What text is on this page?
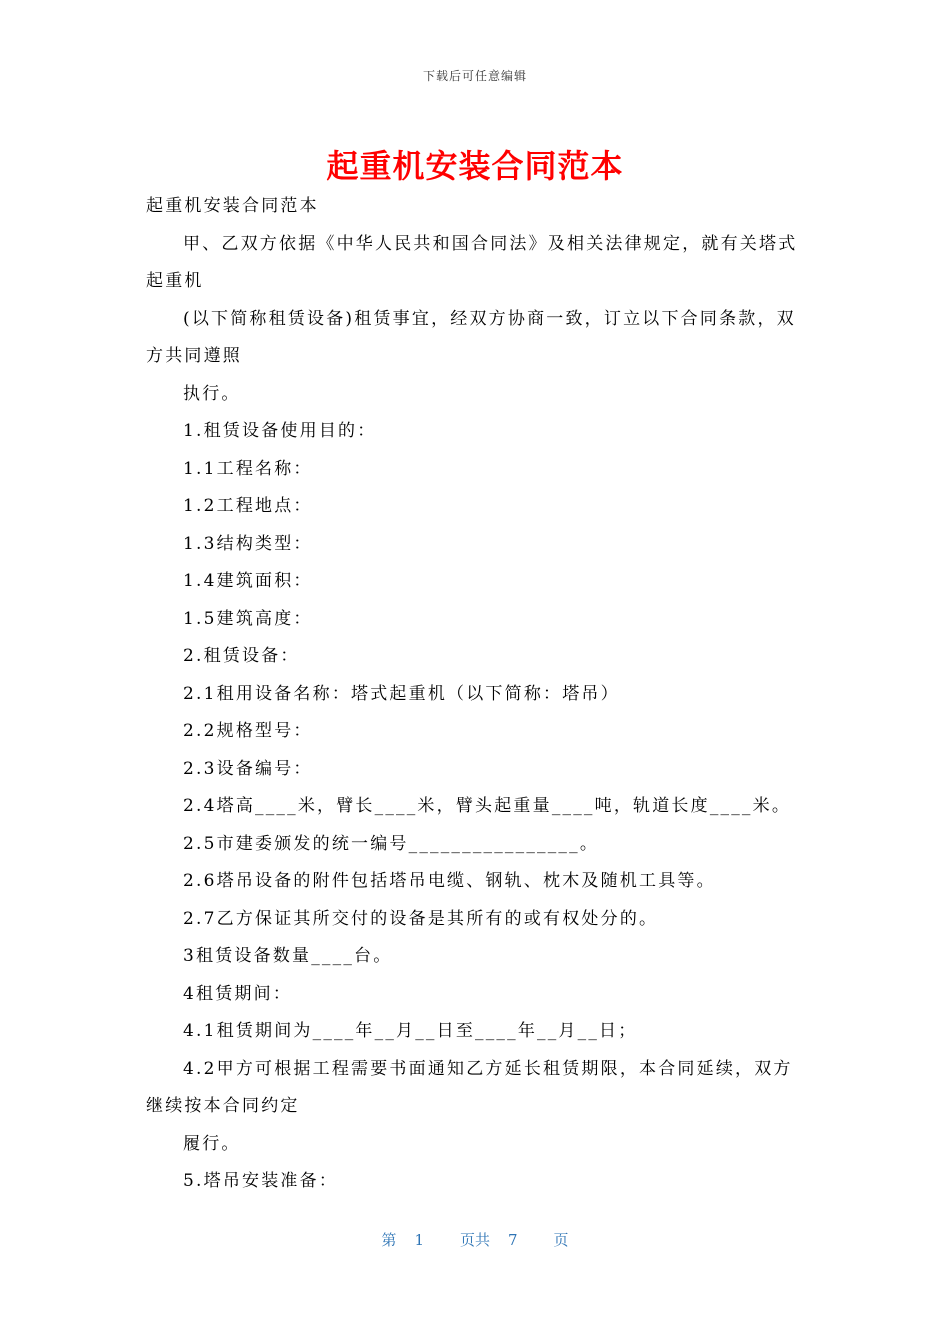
下载后可任意编辑
起重机安装合同范本
起重机安装合同范本
甲、乙双方依据《中华人民共和国合同法》及相关法律规定，就有关塔式
起重机
(以下简称租赁设备)租赁事宜，经双方协商一致，订立以下合同条款，双
方共同遵照
执行。
1.租赁设备使用目的：
1.1工程名称：
1.2工程地点：
1.3结构类型：
1.4建筑面积：
1.5建筑高度：
2.租赁设备：
2.1租用设备名称：塔式起重机（以下简称：塔吊）
2.2规格型号：
2.3设备编号：
2.4塔高____米，臂长____米，臂头起重量____吨，轨道长度____米。
2.5市建委颁发的统一编号________________。
2.6塔吊设备的附件包括塔吊电缆、钢轨、枕木及随机工具等。
2.7乙方保证其所交付的设备是其所有的或有权处分的。
3租赁设备数量____台。
4租赁期间：
4.1租赁期间为____年__月__日至____年__月__日；
4.2甲方可根据工程需要书面通知乙方延长租赁期限，本合同延续，双方
继续按本合同约定
履行。
5.塔吊安装准备：
第 1 页共 7 页
